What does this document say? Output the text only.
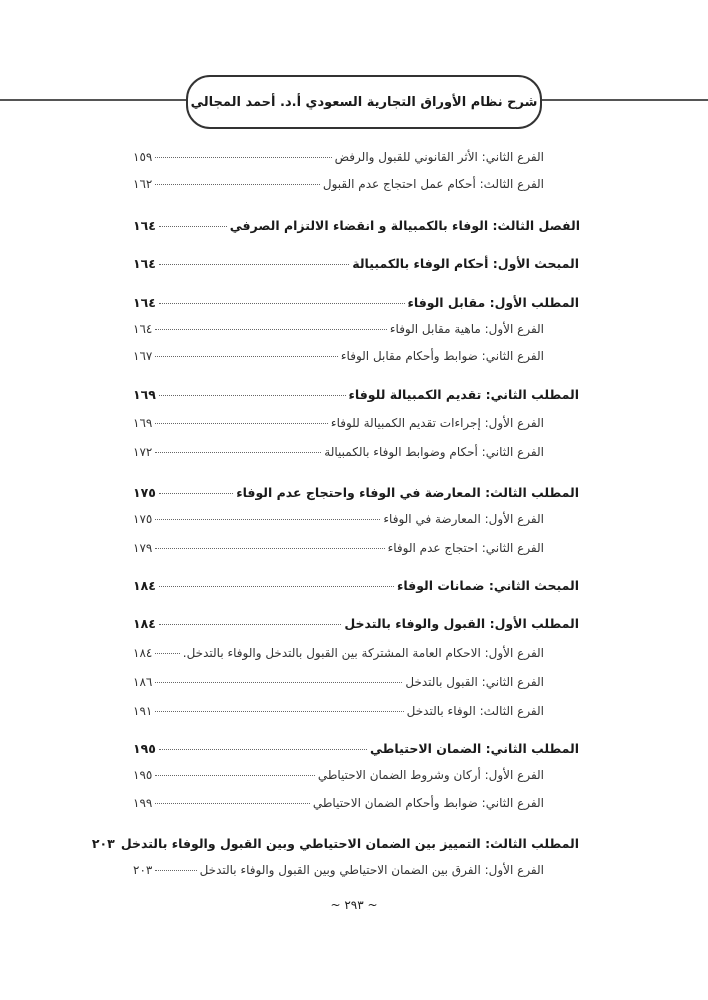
شرح نظام الأوراق التجارية السعودي أ.د. أحمد المجالي
الفرع الثاني: الأثر القانوني للقبول والرفض
١٥٩
الفرع الثالث: أحكام عمل احتجاج عدم القبول
١٦٢
الفصل الثالث: الوفاء بالكمبيالة و انقضاء الالتزام الصرفي
١٦٤
المبحث الأول: أحكام الوفاء بالكمبيالة
١٦٤
المطلب الأول: مقابل الوفاء
١٦٤
الفرع الأول: ماهية مقابل الوفاء
١٦٤
الفرع الثاني: ضوابط وأحكام مقابل الوفاء
١٦٧
المطلب الثاني: تقديم الكمبيالة للوفاء
١٦٩
الفرع الأول: إجراءات تقديم الكمبيالة للوفاء
١٦٩
الفرع الثاني: أحكام وضوابط الوفاء بالكمبيالة
١٧٢
المطلب الثالث: المعارضة في الوفاء واحتجاج عدم الوفاء
١٧٥
الفرع الأول: المعارضة في الوفاء
١٧٥
الفرع الثاني: احتجاج عدم الوفاء
١٧٩
المبحث الثاني: ضمانات الوفاء
١٨٤
المطلب الأول: القبول والوفاء بالتدخل
١٨٤
الفرع الأول: الاحكام العامة المشتركة بين القبول بالتدخل والوفاء بالتدخل.
١٨٤
الفرع الثاني: القبول بالتدخل
١٨٦
الفرع الثالث: الوفاء بالتدخل
١٩١
المطلب الثاني: الضمان الاحتياطي
١٩٥
الفرع الأول: أركان وشروط الضمان الاحتياطي
١٩٥
الفرع الثاني: ضوابط وأحكام الضمان الاحتياطي
١٩٩
المطلب الثالث: التمييز بين الضمان الاحتياطي وبين القبول والوفاء بالتدخل
٢٠٣
الفرع الأول: الفرق بين الضمان الاحتياطي وبين القبول والوفاء بالتدخل
٢٠٣
~ ٢٩٣ ~
